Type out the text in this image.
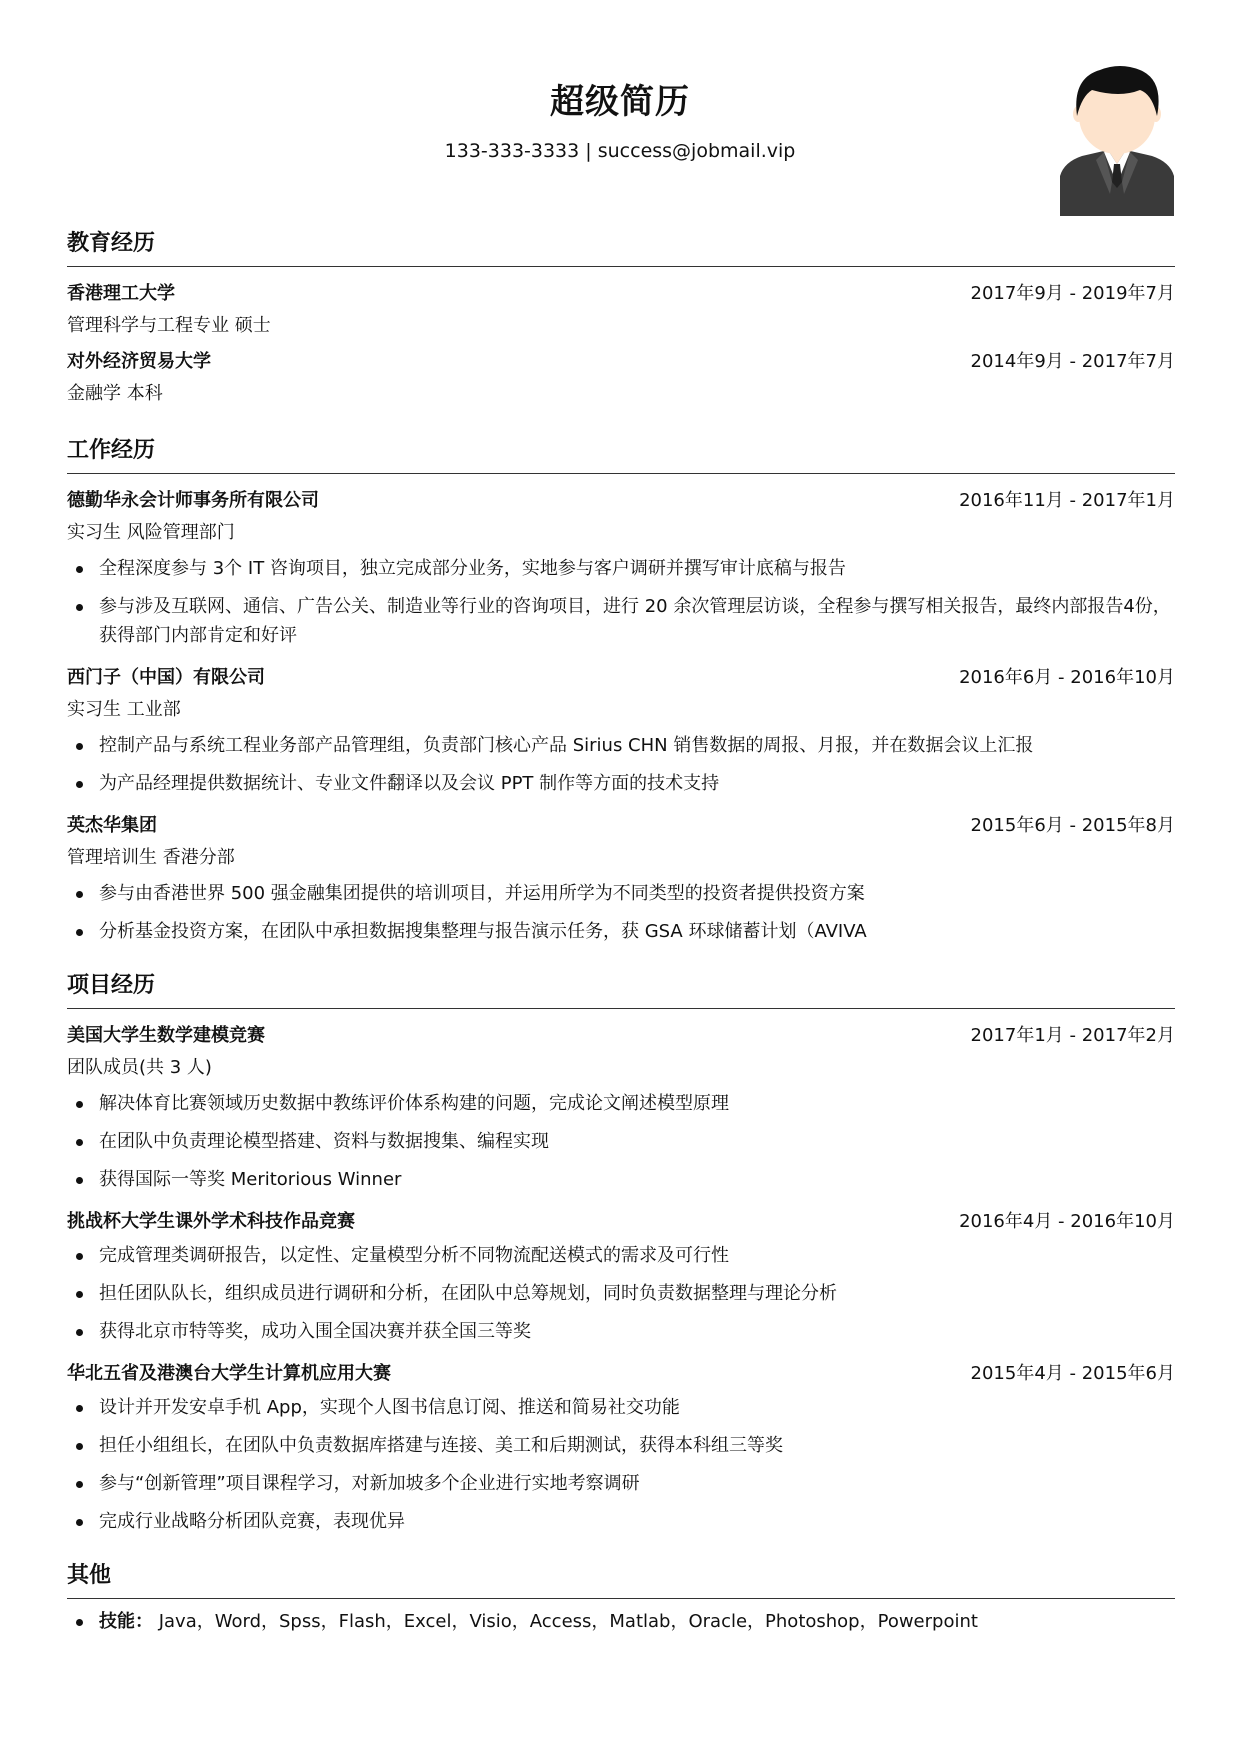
超级简历
133-333-3333 | success@jobmail.vip
教育经历
香港理工大学	2017年9月 - 2019年7月
管理科学与工程专业 硕士
对外经济贸易大学	2014年9月 - 2017年7月
金融学 本科
工作经历
德勤华永会计师事务所有限公司	2016年11月 - 2017年1月
实习生 风险管理部门
全程深度参与 3个 IT 咨询项目，独立完成部分业务，实地参与客户调研并撰写审计底稿与报告
参与涉及互联网、通信、广告公关、制造业等行业的咨询项目，进行 20 余次管理层访谈，全程参与撰写相关报告，最终内部报告4份，获得部门内部肯定和好评
西门子（中国）有限公司	2016年6月 - 2016年10月
实习生 工业部
控制产品与系统工程业务部产品管理组，负责部门核心产品 Sirius CHN 销售数据的周报、月报，并在数据会议上汇报
为产品经理提供数据统计、专业文件翻译以及会议 PPT 制作等方面的技术支持
英杰华集团	2015年6月 - 2015年8月
管理培训生 香港分部
参与由香港世界 500 强金融集团提供的培训项目，并运用所学为不同类型的投资者提供投资方案
分析基金投资方案，在团队中承担数据搜集整理与报告演示任务，获 GSA 环球储蓄计划（AVIVA
项目经历
美国大学生数学建模竞赛	2017年1月 - 2017年2月
团队成员(共 3 人)
解决体育比赛领域历史数据中教练评价体系构建的问题，完成论文阐述模型原理
在团队中负责理论模型搭建、资料与数据搜集、编程实现
获得国际一等奖 Meritorious Winner
挑战杯大学生课外学术科技作品竞赛	2016年4月 - 2016年10月
完成管理类调研报告，以定性、定量模型分析不同物流配送模式的需求及可行性
担任团队队长，组织成员进行调研和分析，在团队中总筹规划，同时负责数据整理与理论分析
获得北京市特等奖，成功入围全国决赛并获全国三等奖
华北五省及港澳台大学生计算机应用大赛	2015年4月 - 2015年6月
设计并开发安卓手机 App，实现个人图书信息订阅、推送和简易社交功能
担任小组组长，在团队中负责数据库搭建与连接、美工和后期测试，获得本科组三等奖
参与“创新管理”项目课程学习，对新加坡多个企业进行实地考察调研
完成行业战略分析团队竞赛，表现优异
其他
技能： Java，Word，Spss，Flash，Excel，Visio，Access，Matlab，Oracle，Photoshop，Powerpoint
